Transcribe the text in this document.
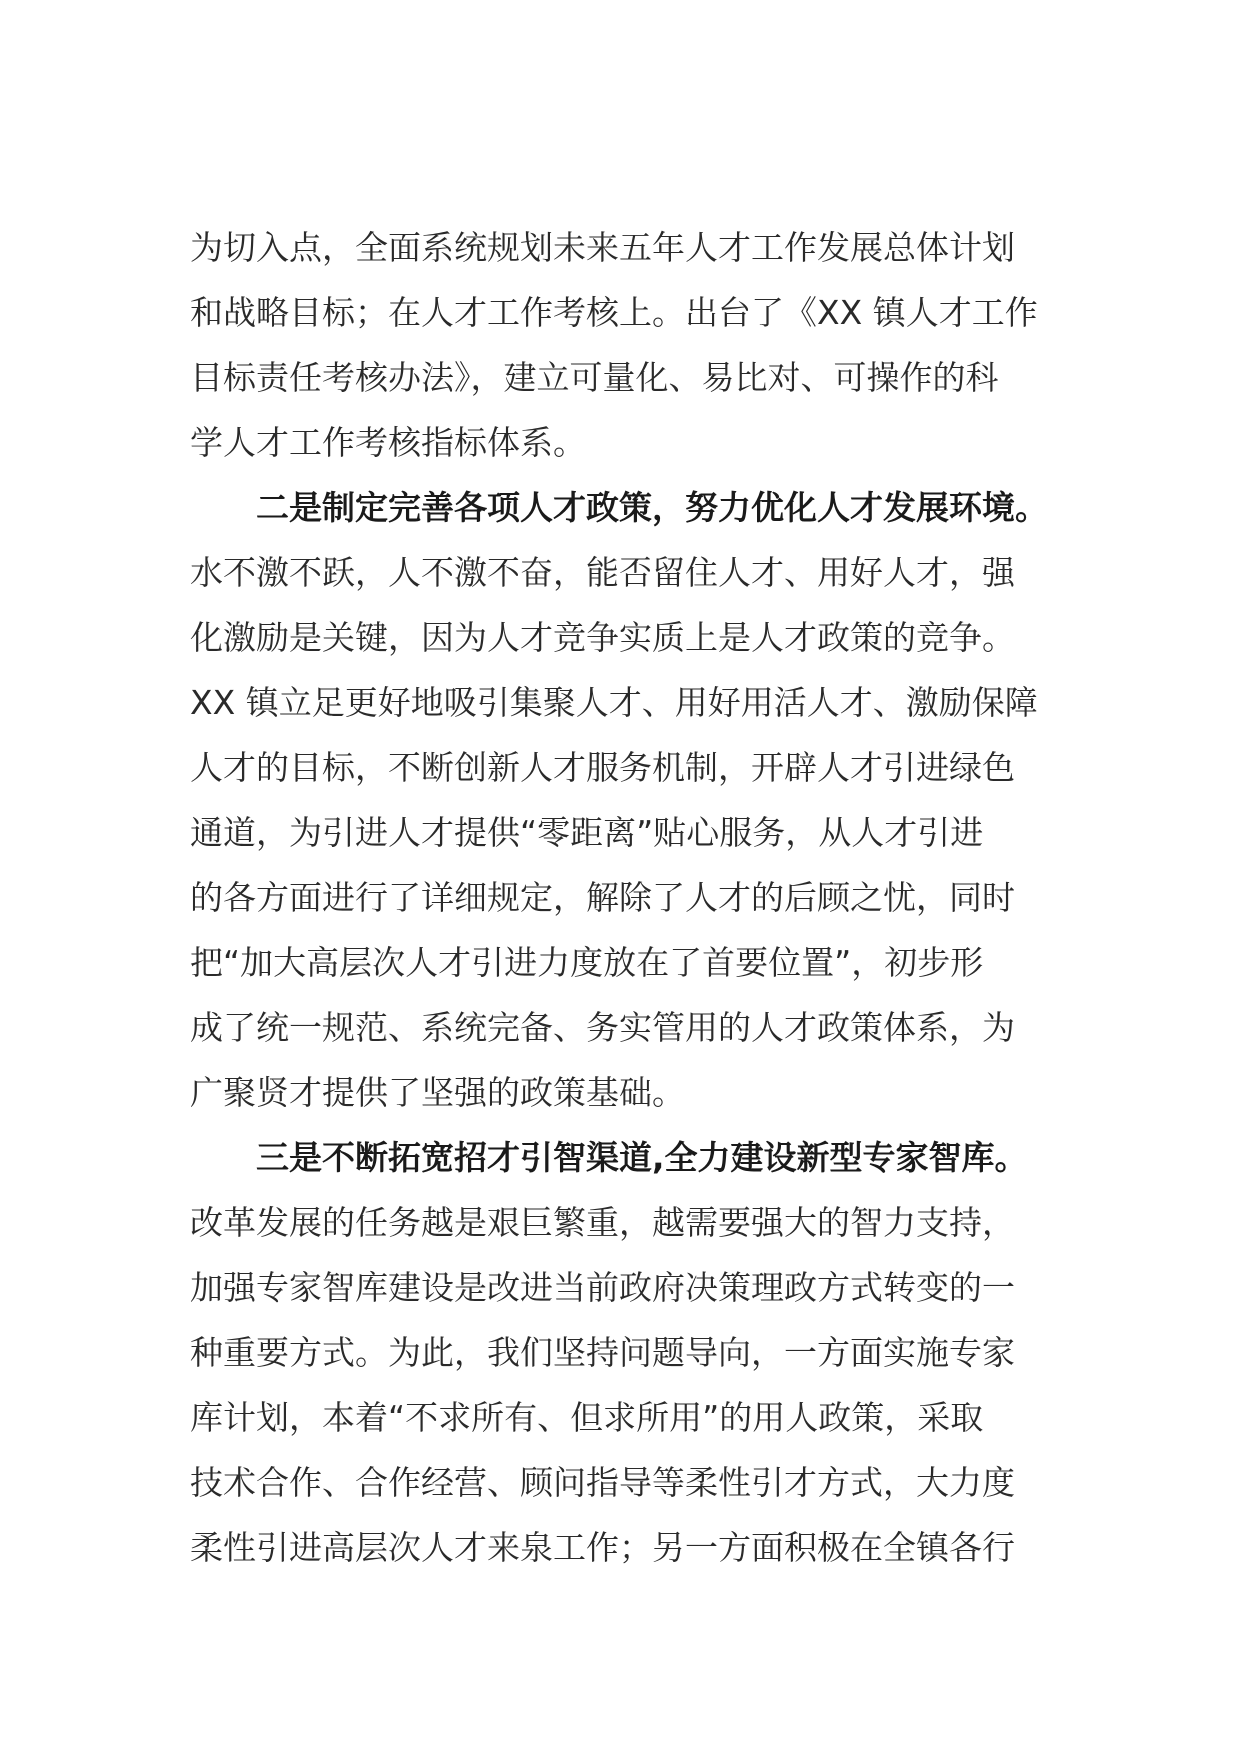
为切入点，全面系统规划未来五年人才工作发展总体计划
和战略目标；在人才工作考核上。出台了《XX 镇人才工作
目标责任考核办法》，建立可量化、易比对、可操作的科
学人才工作考核指标体系。
二是制定完善各项人才政策，努力优化人才发展环境。
水不激不跃，人不激不奋，能否留住人才、用好人才，强
化激励是关键，因为人才竞争实质上是人才政策的竞争。
XX 镇立足更好地吸引集聚人才、用好用活人才、激励保障
人才的目标，不断创新人才服务机制，开辟人才引进绿色
通道，为引进人才提供“零距离”贴心服务，从人才引进
的各方面进行了详细规定，解除了人才的后顾之忧，同时
把“加大高层次人才引进力度放在了首要位置”，初步形
成了统一规范、系统完备、务实管用的人才政策体系，为
广聚贤才提供了坚强的政策基础。
三是不断拓宽招才引智渠道,全力建设新型专家智库。
改革发展的任务越是艰巨繁重，越需要强大的智力支持，
加强专家智库建设是改进当前政府决策理政方式转变的一
种重要方式。为此，我们坚持问题导向，一方面实施专家
库计划，本着“不求所有、但求所用”的用人政策，采取
技术合作、合作经营、顾问指导等柔性引才方式，大力度
柔性引进高层次人才来泉工作；另一方面积极在全镇各行
